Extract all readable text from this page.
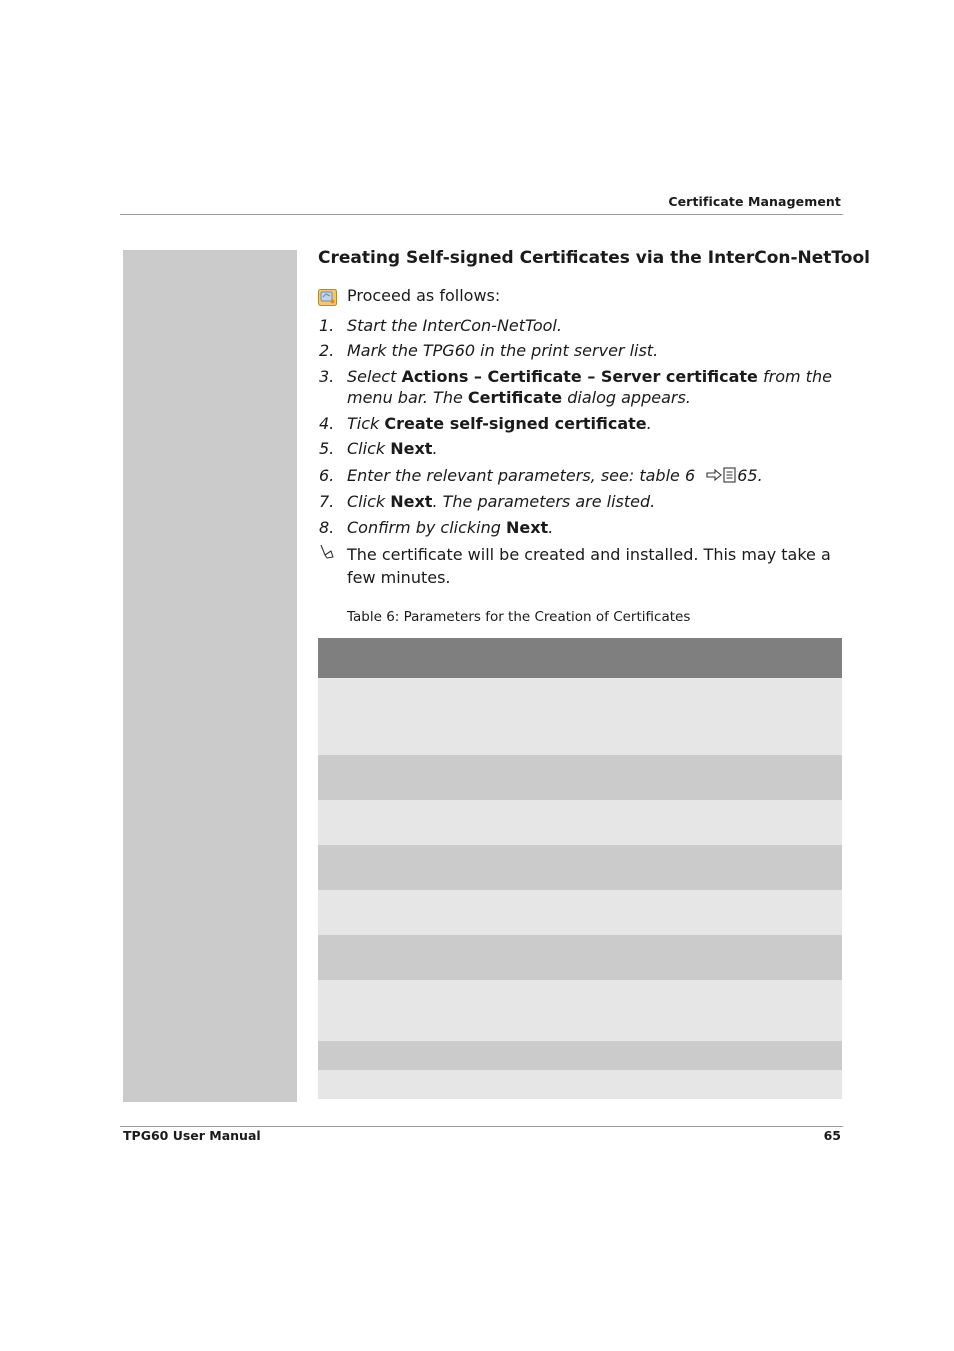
Certificate Management
Creating Self-signed Certificates via the InterCon-NetTool
Proceed as follows:
1. Start the InterCon-NetTool.
2. Mark the TPG60 in the print server list.
3. Select Actions – Certificate – Server certificate from the menu bar. The Certificate dialog appears.
4. Tick Create self-signed certificate.
5. Click Next.
6. Enter the relevant parameters, see: table 6 65.
7. Click Next. The parameters are listed.
8. Confirm by clicking Next.
The certificate will be created and installed. This may take a few minutes.
Table 6: Parameters for the Creation of Certificates
TPG60 User Manual	65
